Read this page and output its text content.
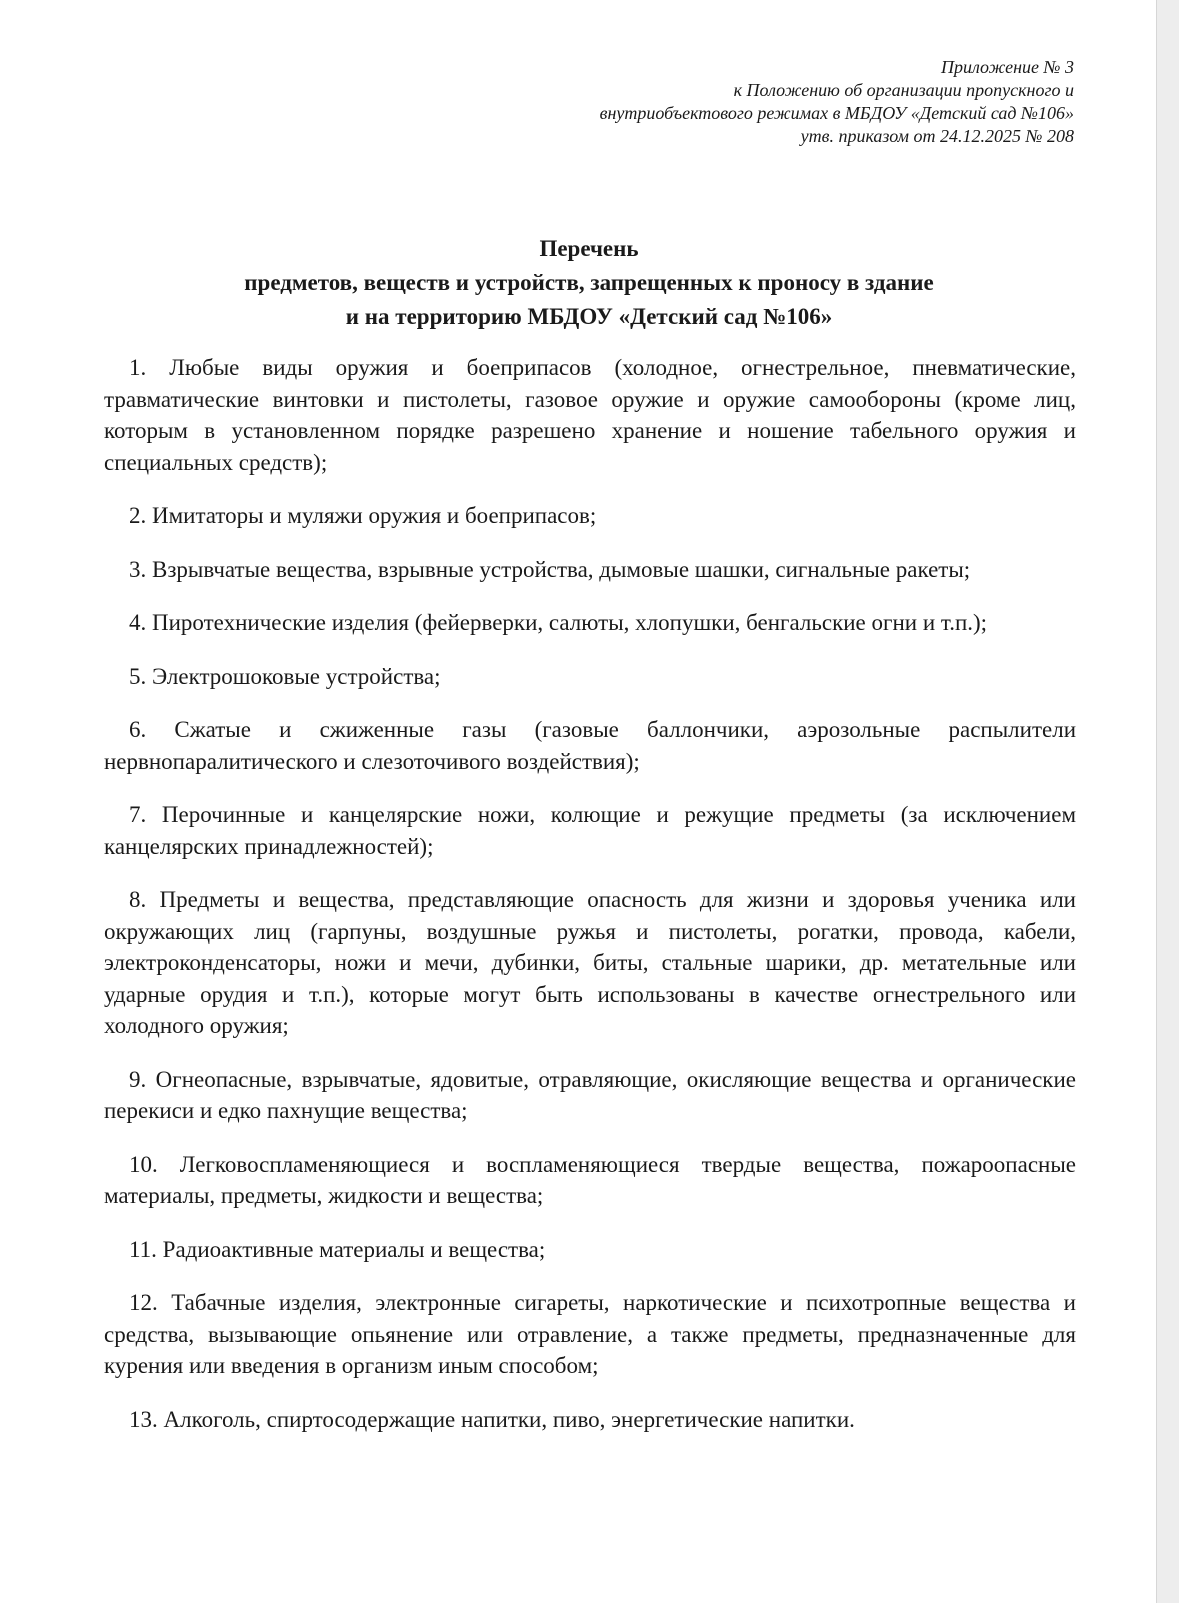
Приложение № 3
к Положению об организации пропускного и
внутриобъектового режимах в МБДОУ «Детский сад №106»
утв. приказом от 24.12.2025 № 208
Перечень
предметов, веществ и устройств, запрещенных к проносу в здание
и на территорию МБДОУ «Детский сад №106»

1. Любые виды оружия и боеприпасов (холодное, огнестрельное, пневматические, травматические винтовки и пистолеты, газовое оружие и оружие самообороны (кроме лиц, которым в установленном порядке разрешено хранение и ношение табельного оружия и специальных средств);

2. Имитаторы и муляжи оружия и боеприпасов;

3. Взрывчатые вещества, взрывные устройства, дымовые шашки, сигнальные ракеты;

4. Пиротехнические изделия (фейерверки, салюты, хлопушки, бенгальские огни и т.п.);

5. Электрошоковые устройства;

6. Сжатые и сжиженные газы (газовые баллончики, аэрозольные распылители нервнопаралитического и слезоточивого воздействия);

7. Перочинные и канцелярские ножи, колющие и режущие предметы (за исключением канцелярских принадлежностей);

8. Предметы и вещества, представляющие опасность для жизни и здоровья ученика или окружающих лиц (гарпуны, воздушные ружья и пистолеты, рогатки, провода, кабели, электроконденсаторы, ножи и мечи, дубинки, биты, стальные шарики, др. метательные или ударные орудия и т.п.), которые могут быть использованы в качестве огнестрельного или холодного оружия;

9. Огнеопасные, взрывчатые, ядовитые, отравляющие, окисляющие вещества и органические перекиси и едко пахнущие вещества;

10. Легковоспламеняющиеся и воспламеняющиеся твердые вещества, пожароопасные материалы, предметы, жидкости и вещества;

11. Радиоактивные материалы и вещества;

12. Табачные изделия, электронные сигареты, наркотические и психотропные вещества и средства, вызывающие опьянение или отравление, а также предметы, предназначенные для курения или введения в организм иным способом;

13. Алкоголь, спиртосодержащие напитки, пиво, энергетические напитки.
